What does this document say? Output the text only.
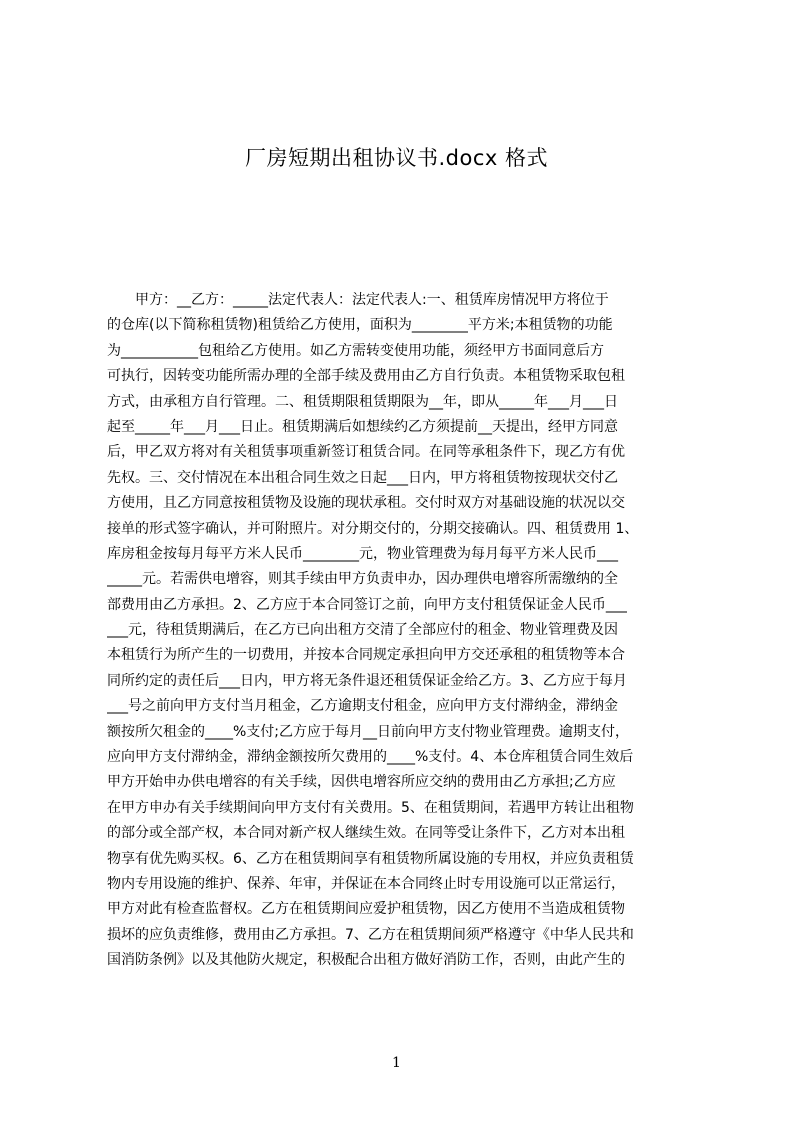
厂房短期出租协议书.docx 格式
　　甲方：__乙方：_____法定代表人：法定代表人:一、租赁库房情况甲方将位于
的仓库(以下简称租赁物)租赁给乙方使用，面积为________平方米;本租赁物的功能
为___________包租给乙方使用。如乙方需转变使用功能，须经甲方书面同意后方
可执行，因转变功能所需办理的全部手续及费用由乙方自行负责。本租赁物采取包租
方式，由承租方自行管理。二、租赁期限租赁期限为__年，即从_____年___月___日
起至_____年___月___日止。租赁期满后如想续约乙方须提前__天提出，经甲方同意
后，甲乙双方将对有关租赁事项重新签订租赁合同。在同等承租条件下，现乙方有优
先权。三、交付情况在本出租合同生效之日起___日内，甲方将租赁物按现状交付乙
方使用，且乙方同意按租赁物及设施的现状承租。交付时双方对基础设施的状况以交
接单的形式签字确认，并可附照片。对分期交付的，分期交接确认。四、租赁费用 1、
库房租金按每月每平方米人民币________元，物业管理费为每月每平方米人民币___
_____元。若需供电增容，则其手续由甲方负责申办，因办理供电增容所需缴纳的全
部费用由乙方承担。2、乙方应于本合同签订之前，向甲方支付租赁保证金人民币___
___元，待租赁期满后，在乙方已向出租方交清了全部应付的租金、物业管理费及因
本租赁行为所产生的一切费用，并按本合同规定承担向甲方交还承租的租赁物等本合
同所约定的责任后___日内，甲方将无条件退还租赁保证金给乙方。3、乙方应于每月
___号之前向甲方支付当月租金，乙方逾期支付租金，应向甲方支付滞纳金，滞纳金
额按所欠租金的____%支付;乙方应于每月__日前向甲方支付物业管理费。逾期支付，
应向甲方支付滞纳金，滞纳金额按所欠费用的____%支付。4、本仓库租赁合同生效后
甲方开始申办供电增容的有关手续，因供电增容所应交纳的费用由乙方承担;乙方应
在甲方申办有关手续期间向甲方支付有关费用。5、在租赁期间，若遇甲方转让出租物
的部分或全部产权，本合同对新产权人继续生效。在同等受让条件下，乙方对本出租
物享有优先购买权。6、乙方在租赁期间享有租赁物所属设施的专用权，并应负责租赁
物内专用设施的维护、保养、年审，并保证在本合同终止时专用设施可以正常运行，
甲方对此有检查监督权。乙方在租赁期间应爱护租赁物，因乙方使用不当造成租赁物
损坏的应负责维修，费用由乙方承担。7、乙方在租赁期间须严格遵守《中华人民共和
国消防条例》以及其他防火规定，积极配合出租方做好消防工作，否则，由此产生的
1
